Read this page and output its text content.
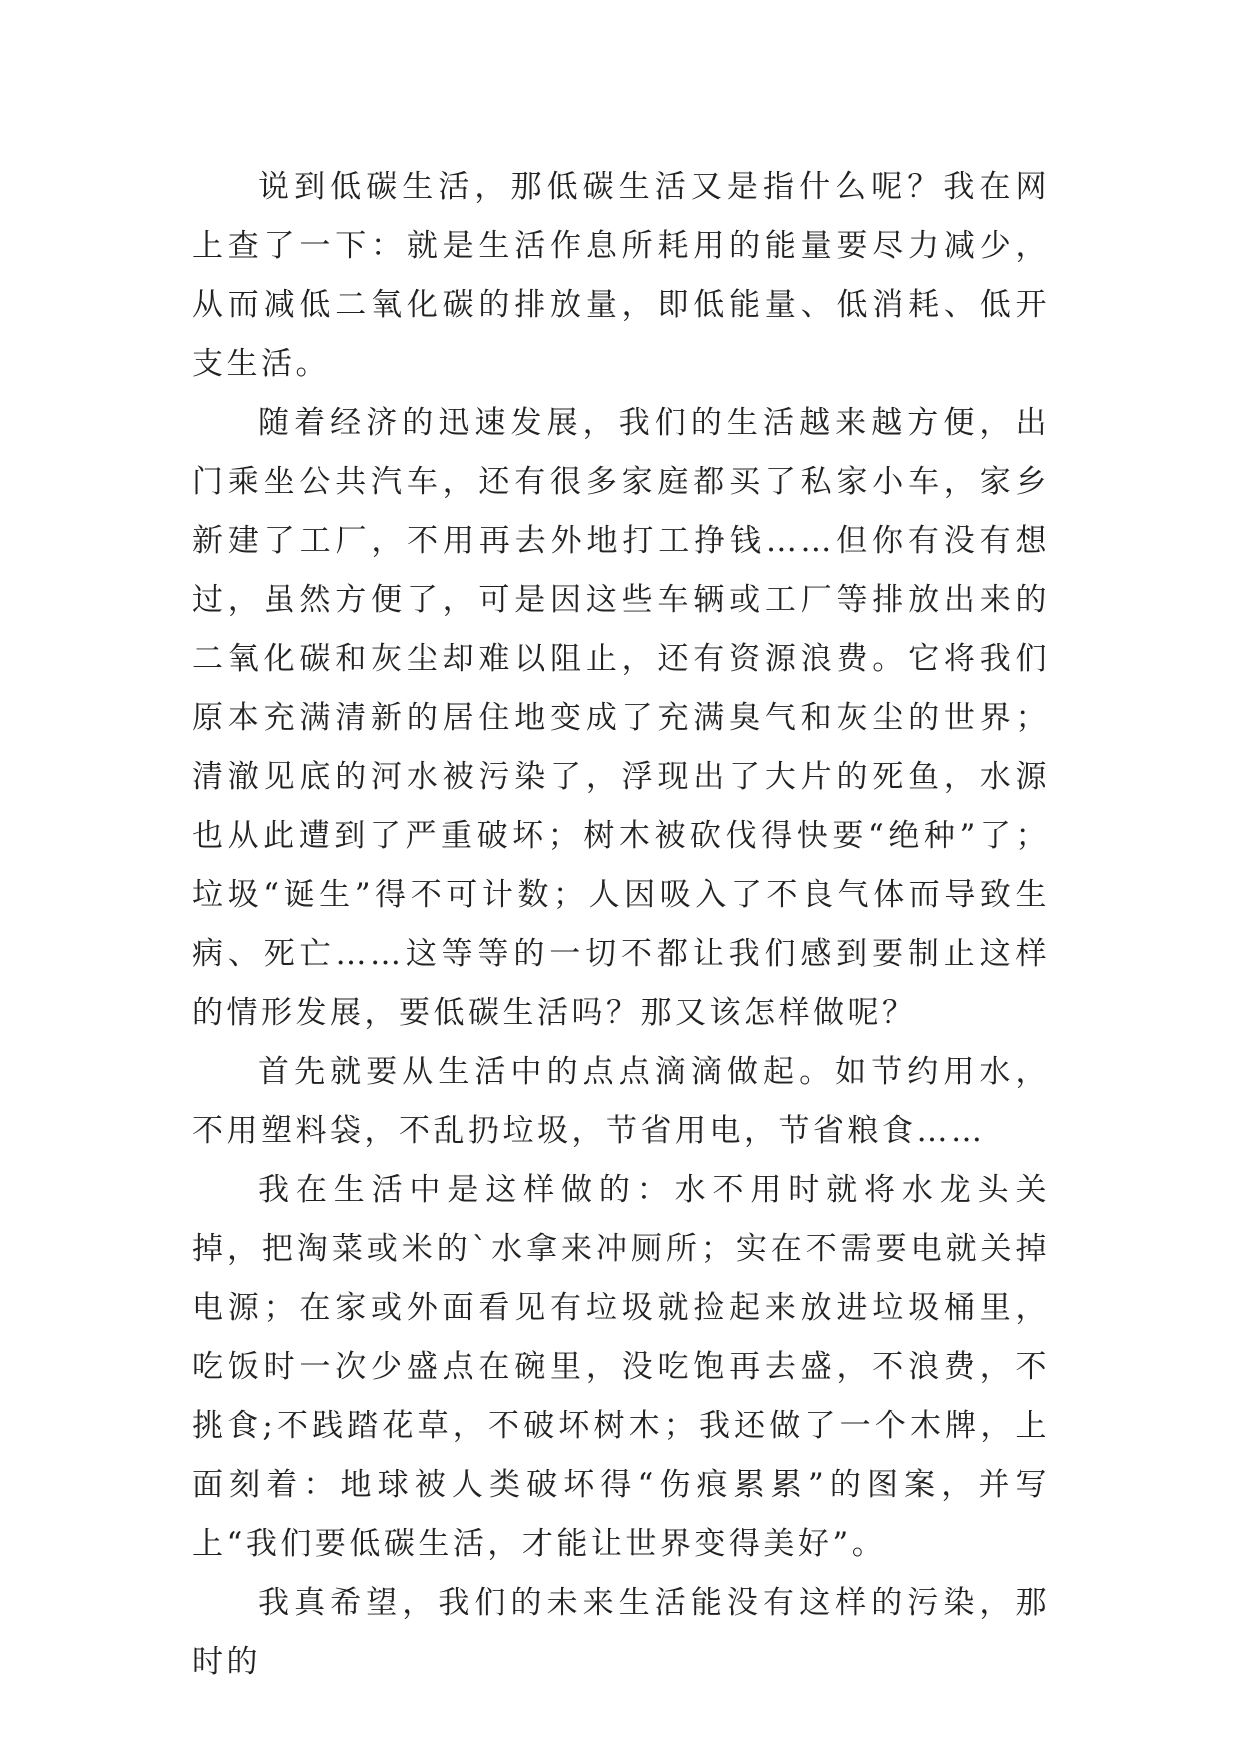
说到低碳生活，那低碳生活又是指什么呢？我在网上查了一下：就是生活作息所耗用的能量要尽力减少，从而减低二氧化碳的排放量，即低能量、低消耗、低开支生活。

随着经济的迅速发展，我们的生活越来越方便，出门乘坐公共汽车，还有很多家庭都买了私家小车，家乡新建了工厂，不用再去外地打工挣钱……但你有没有想过，虽然方便了，可是因这些车辆或工厂等排放出来的二氧化碳和灰尘却难以阻止，还有资源浪费。它将我们原本充满清新的居住地变成了充满臭气和灰尘的世界；清澈见底的河水被污染了，浮现出了大片的死鱼，水源也从此遭到了严重破坏；树木被砍伐得快要“绝种”了；垃圾“诞生”得不可计数；人因吸入了不良气体而导致生病、死亡……这等等的一切不都让我们感到要制止这样的情形发展，要低碳生活吗？那又该怎样做呢？

首先就要从生活中的点点滴滴做起。如节约用水，不用塑料袋，不乱扔垃圾，节省用电，节省粮食……

我在生活中是这样做的：水不用时就将水龙头关掉，把淘菜或米的`水拿来冲厕所；实在不需要电就关掉电源；在家或外面看见有垃圾就捡起来放进垃圾桶里，吃饭时一次少盛点在碗里，没吃饱再去盛，不浪费，不挑食;不践踏花草，不破坏树木；我还做了一个木牌，上面刻着：地球被人类破坏得“伤痕累累”的图案，并写上“我们要低碳生活，才能让世界变得美好”。

我真希望，我们的未来生活能没有这样的污染，那时的
